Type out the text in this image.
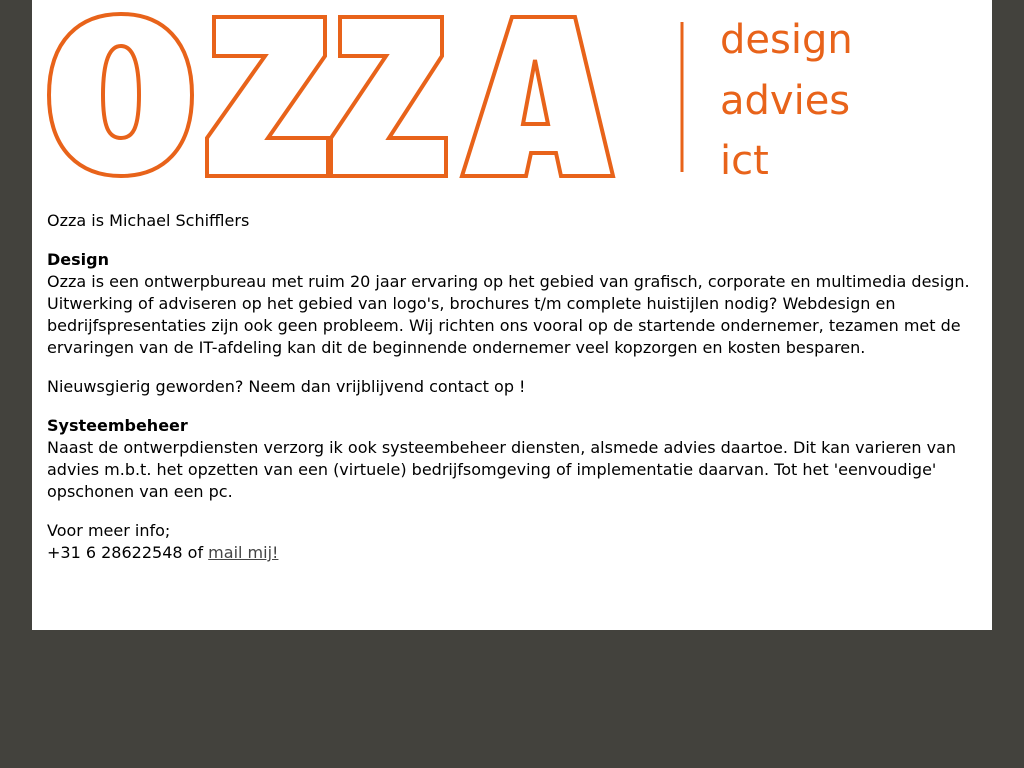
design
advies
ict

Ozza is Michael Schifflers

Design
Ozza is een ontwerpbureau met ruim 20 jaar ervaring op het gebied van grafisch, corporate en multimedia design. Uitwerking of adviseren op het gebied van logo's, brochures t/m complete huistijlen nodig? Webdesign en bedrijfspresentaties zijn ook geen probleem. Wij richten ons vooral op de startende ondernemer, tezamen met de ervaringen van de IT-afdeling kan dit de beginnende ondernemer veel kopzorgen en kosten besparen.

Nieuwsgierig geworden? Neem dan vrijblijvend contact op !

Systeembeheer
Naast de ontwerpdiensten verzorg ik ook systeembeheer diensten, alsmede advies daartoe. Dit kan varieren van advies m.b.t. het opzetten van een (virtuele) bedrijfsomgeving of implementatie daarvan. Tot het 'eenvoudige' opschonen van een pc.

Voor meer info;
+31 6 28622548 of mail mij!
